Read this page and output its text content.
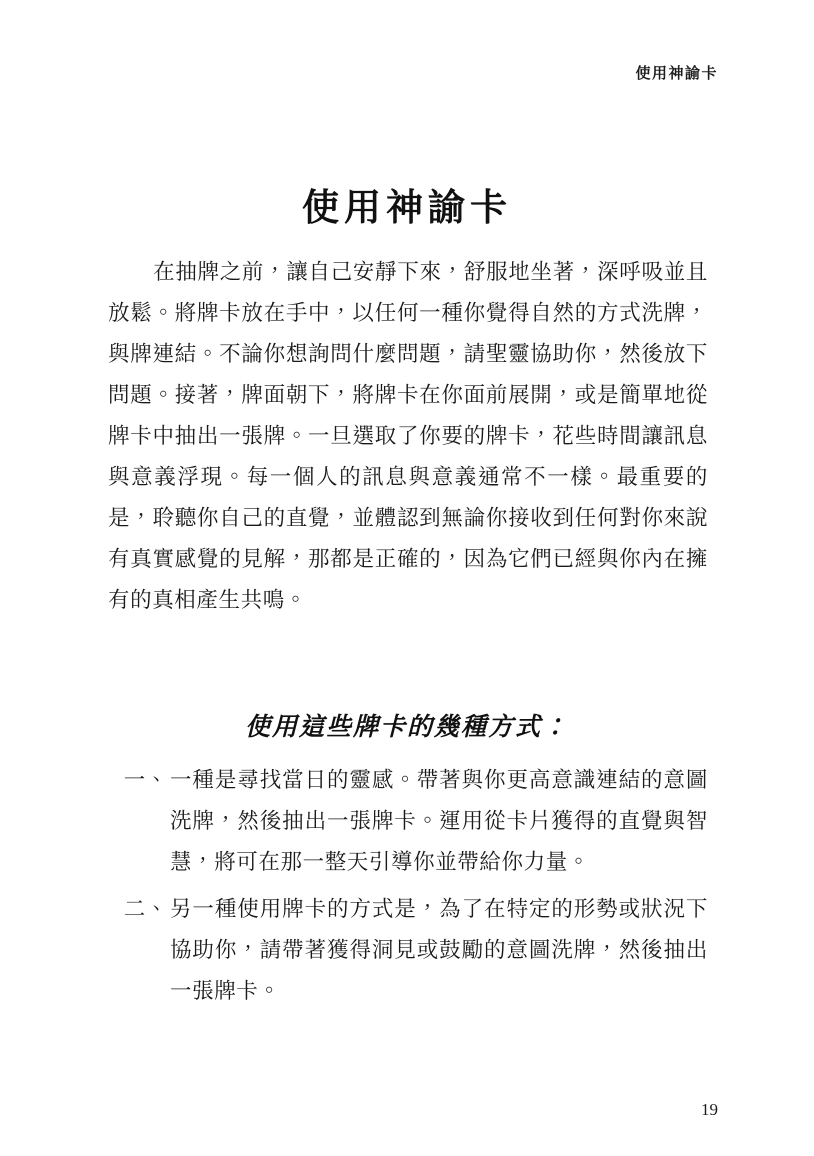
使用神諭卡
使用神諭卡

在抽牌之前，讓自己安靜下來，舒服地坐著，深呼吸並且放鬆。將牌卡放在手中，以任何一種你覺得自然的方式洗牌，與牌連結。不論你想詢問什麼問題，請聖靈協助你，然後放下問題。接著，牌面朝下，將牌卡在你面前展開，或是簡單地從牌卡中抽出一張牌。一旦選取了你要的牌卡，花些時間讓訊息與意義浮現。每一個人的訊息與意義通常不一樣。最重要的是，聆聽你自己的直覺，並體認到無論你接收到任何對你來說有真實感覺的見解，那都是正確的，因為它們已經與你內在擁有的真相產生共鳴。

使用這些牌卡的幾種方式：
一、 一種是尋找當日的靈感。帶著與你更高意識連結的意圖洗牌，然後抽出一張牌卡。運用從卡片獲得的直覺與智慧，將可在那一整天引導你並帶給你力量。
二、 另一種使用牌卡的方式是，為了在特定的形勢或狀況下協助你，請帶著獲得洞見或鼓勵的意圖洗牌，然後抽出一張牌卡。
19
